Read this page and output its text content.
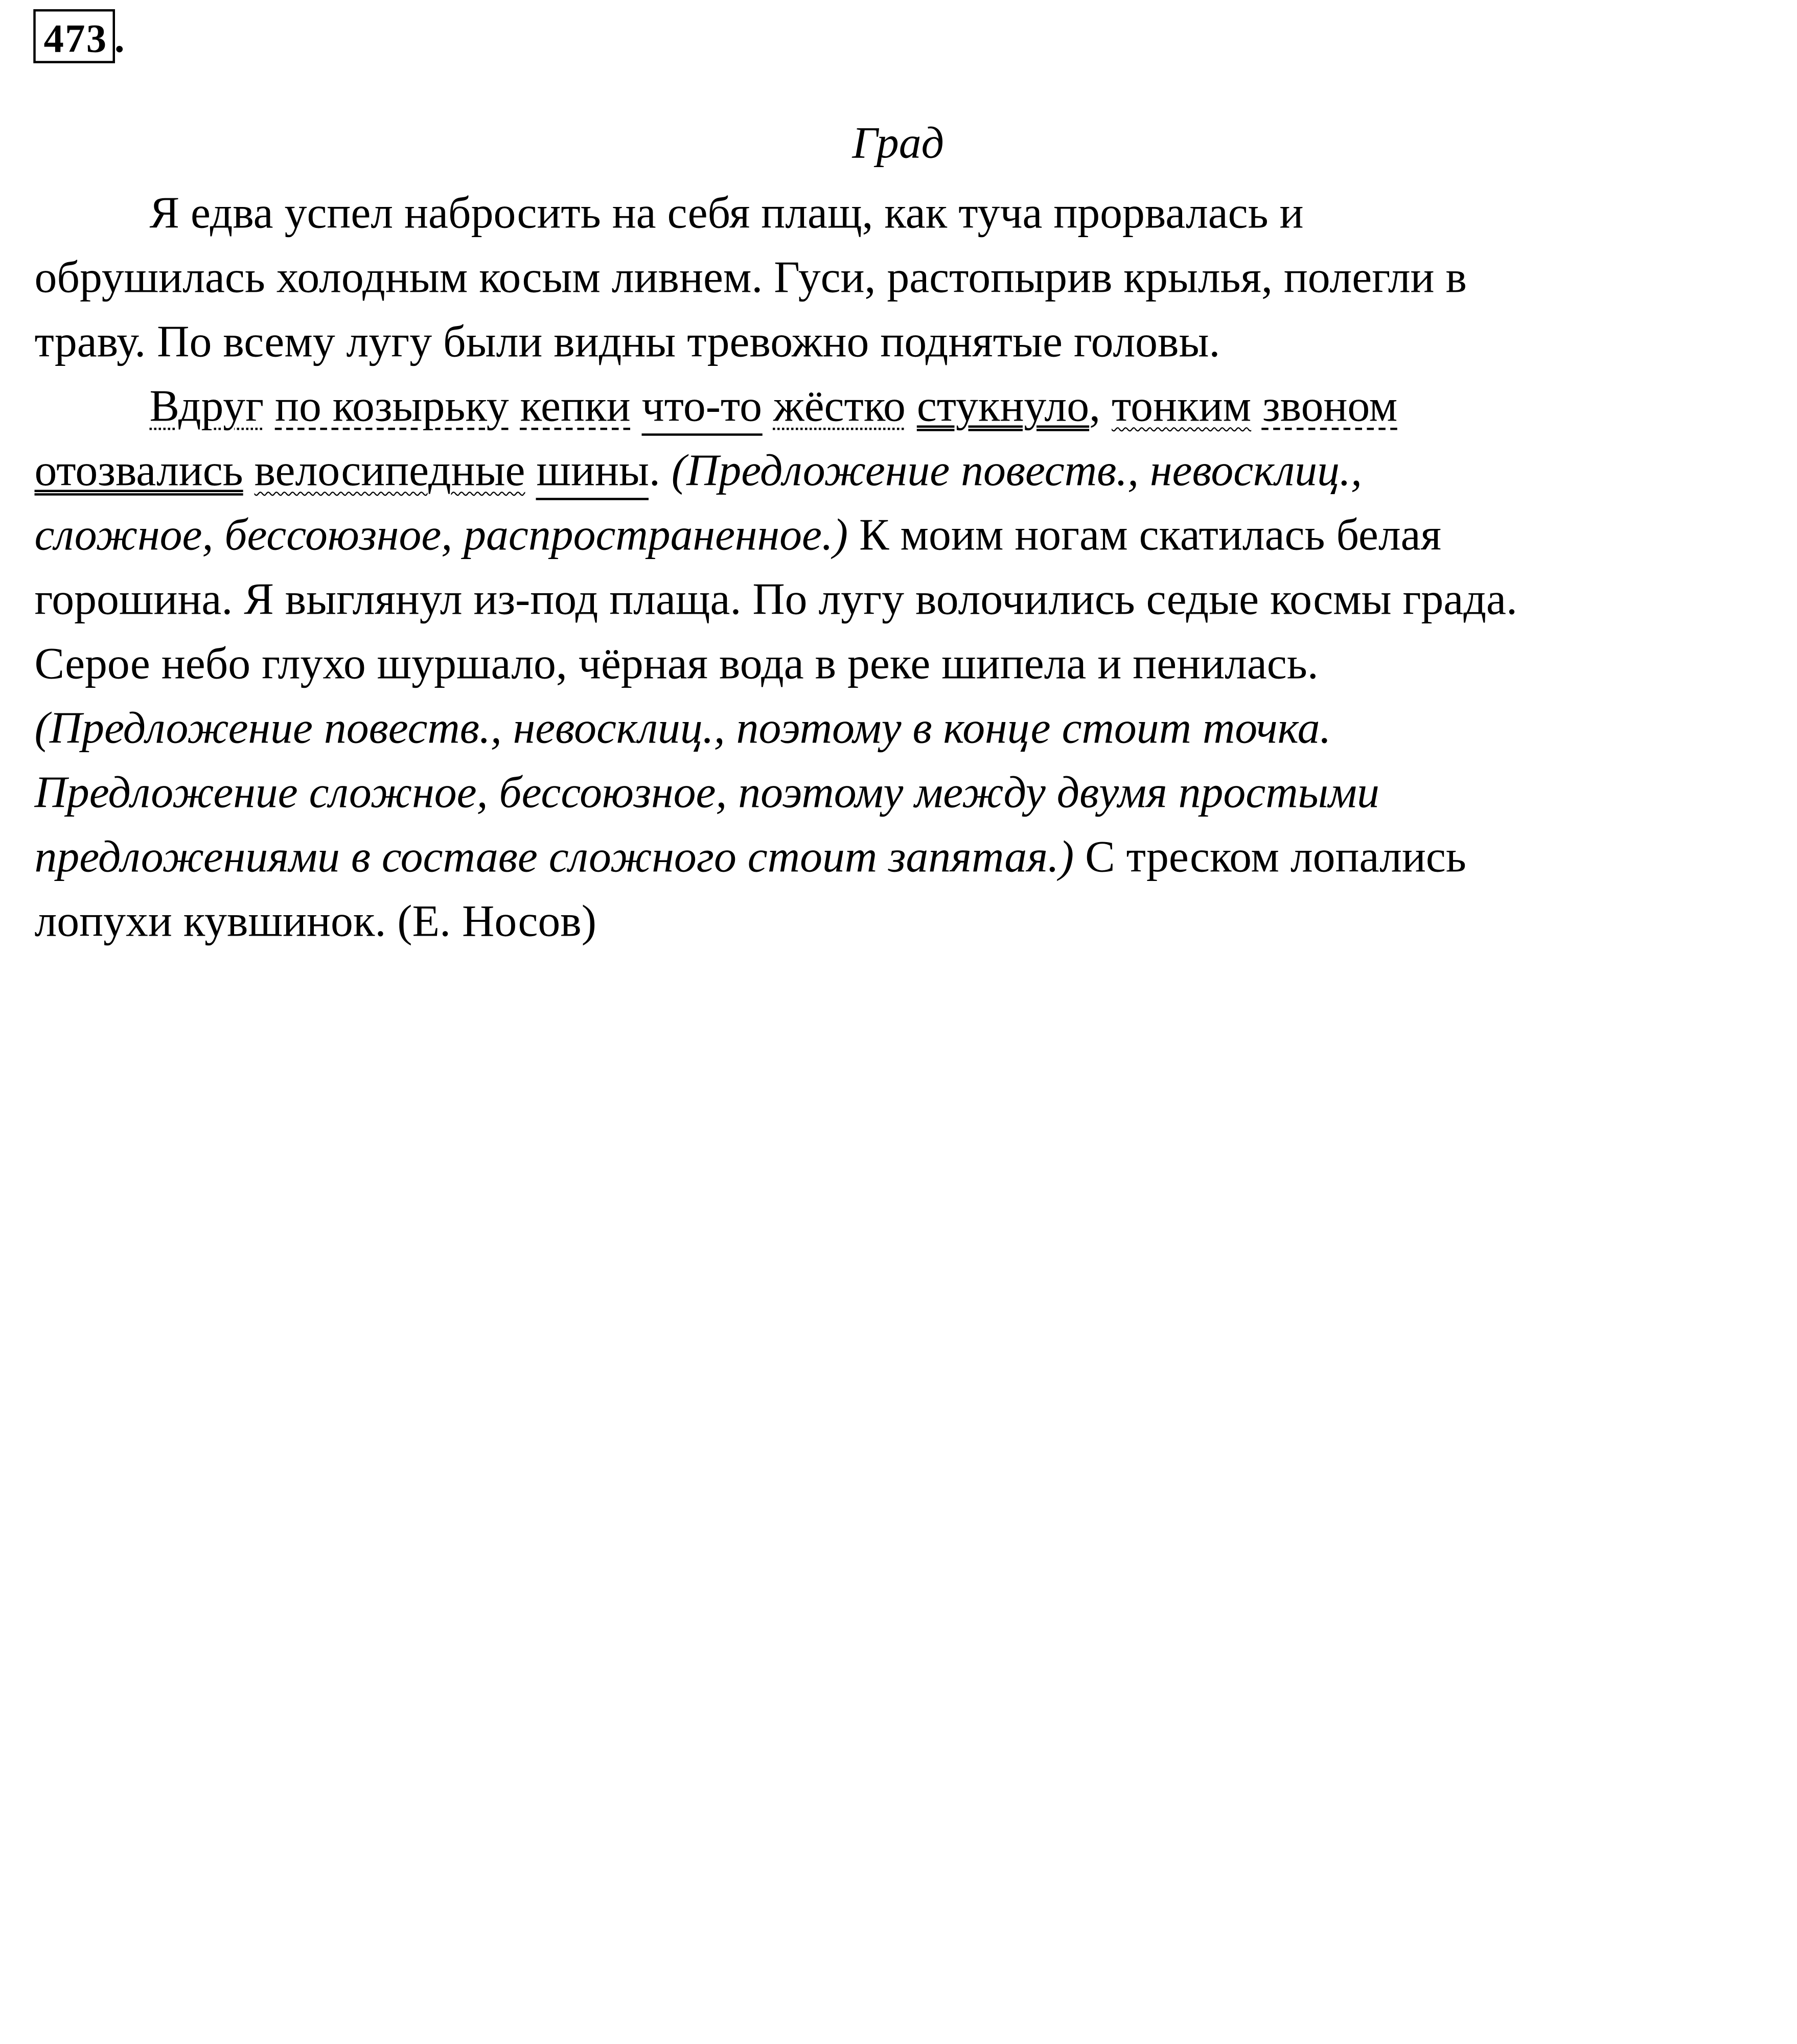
473 .
Град
Я едва успел набросить на себя плащ, как туча прорвалась и
обрушилась холодным косым ливнем. Гуси, растопырив крылья, полегли в
траву. По всему лугу были видны тревожно поднятые головы.
Вдруг по козырьку кепки что-то жёстко стукнуло, тонким звоном
отозвались велосипедные шины. (Предложение повеств., невосклиц.,
сложное, бессоюзное, распространенное.) К моим ногам скатилась белая
горошина. Я выглянул из-под плаща. По лугу волочились седые космы града.
Серое небо глухо шуршало, чёрная вода в реке шипела и пенилась.
(Предложение повеств., невосклиц., поэтому в конце стоит точка.
Предложение сложное, бессоюзное, поэтому между двумя простыми
предложениями в составе сложного стоит запятая.) С треском лопались
лопухи кувшинок. (Е. Носов)
